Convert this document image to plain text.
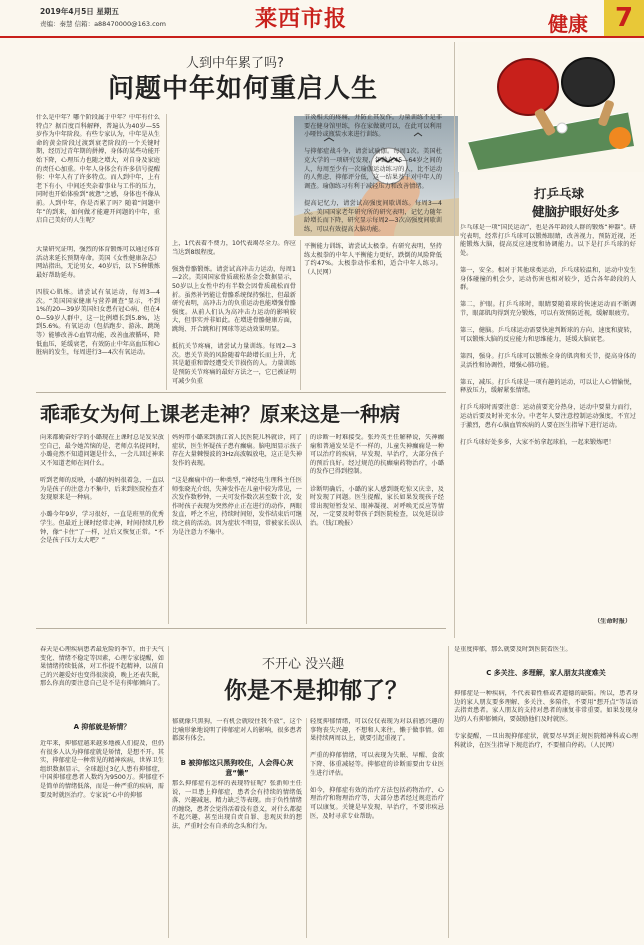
2019年4月5日 星期五
责编：秦慧 信箱：a88470000@163.com	莱西市报	健康	7
人到中年累了吗?
问题中年如何重启人生
什么是中年？哪个阶段属于中年？中年有什么特点？据百度百科解释，普遍认为40岁—55岁作为中年阶段。有些专家认为，中年是从生命的黄金阶段过渡到衰老阶段的一个关键时期，经历过青年期的拼搏，身体的某些功能开始下降，心理压力也随之增大，对自身及家庭的责任心加重。中年人身体会有许多信号提醒你：中年人有了许多特点。而人到中年，上有老下有小，中间还夹杂着事业与工作的压力，同时也开始体验到“疲惫”之感，身体也不像从前。人到中年，你是否累了吗？随着“问题中年”的到来，如何做才能避开问题的中年，重启自己美好的人生呢？
大量研究证明，强烈的体育锻炼可以通过体育活动来延长预期寿命。美国《女性健康杂志》网站指出，无论男女，40岁后，以下5种锻炼最好帮助延寿。

四肢心肌炼。请尝试有氧运动，每周3—4次。“美国国家健康与营养调查”显示，不到1%的20—39岁美国妇女患有冠心病，但在40—59岁人群中，这一比例增长到5.8%，达到5.6%。有氧运动（包括跑步、游泳、跳绳等）能够改善心血管功能，改善血液循环，降低血压，延缓衰老，有效防止中年高血压和心脏病的发生，每周进行3—4次有氧运动。
上，1代表着不费力，10代表竭尽全力。你应当达到8级程度。

强劲骨骼锻炼。请尝试高冲击力运动，每周1—2次。美国国家骨质疏松基金会数据显示，50岁以上女性中约有半数会因骨质疏松而骨折。虽然补钙能让骨骼系统保持强壮，但最新研究表明，高冲击力的负重运动也能增强骨骼强度。从前人们认为高冲击力运动的影响较大，但事实并非如此。在增进骨骼健康方面，跳绳、开合跳和打网球等运动效果明显。

抵抗关节疼痛，请尝试力量训练。每周2—3次。患关节炎的风险随着年龄增长而上升，尤其是超重和曾经遭受关节损伤的人。力量训练是预防关节疼痛的最好方法之一，它已被证明可减少负重
节炎相关的疼痛，并防止其发作。力量训练不是非要在健身馆里练，你在家做就可以，在此可以利用小哑铃或瓶装水来进行训练。

与抑郁症战斗争，请尝试瑜伽。每周1次。美国杜克大学的一项研究发现，年龄在45—64岁之间的人，每周至少有一次瑜伽运动练习的人，比不运动的人焦虑、抑郁评分低，这一结果基于对中年人的调查。瑜伽练习有利于减轻压力和改善情绪。

提高记忆力，请尝试高强度间歇训练。每周3—4次。美国国家老年研究所的研究表明，记忆力随年龄增长而下降，研究显示每周2—3次高强度间歇训练，可以有效提高大脑功能。

平衡能力训练，请尝试太极拳。有研究表明，坚持练太极拳的中年人平衡能力更好，跌倒的风险降低了约47%。太极拳动作柔和，适合中年人练习。（人民网）
乖乖女为何上课老走神？原来这是一种病
向来都勤奋好学的小璐现在上课时总是发呆放空自己，最令她苦恼的是，老师点名提问时，小璐竟然不知道问题是什么，一会儿回过神来又不知道老师在问什么。

听到老师的反映，小璐的妈妈很着急，一直以为是孩子的注意力不集中，后来到医院检查才发现原来是一种病。

小璐今年9岁，学习很好，一直是班里的优秀学生。但最近上课时经常走神，时间持续几秒钟，像“卡住”了一样，过后又恢复正常。“不会是孩子压力太大吧？”
妈妈带小璐来到浙江省人民医院儿科就诊，问了症状，医生怀疑孩子患有癫痫。脑电图显示孩子存在大量棘慢波的3Hz高波幅放电，这正是失神发作的表现。

“这是癫痫中的一种类型，”神经电生理科主任医师张晓光介绍，失神发作在儿童中较为常见，一次发作数秒钟，一天可发作数次甚至数十次，发作时孩子表现为突然停止正在进行的动作，两眼发直，呼之不应，持续时间短，发作结束后可继续之前的活动。因为症状不明显，常被家长误认为是注意力不集中。
的诊断一时难接受。张玲英主任解释说，失神癫痫和普通发呆是不一样的，儿童失神癫痫是一种可以治疗的疾病，早发现、早治疗，大部分孩子的预后良好。经过规范的抗癫痫药物治疗，小璐的发作已得到控制。

诊断明确后，小璐的家人感到既吃惊又庆幸，及时发现了问题。医生提醒，家长如果发现孩子经常出现短暂发呆、眼神凝视、对呼唤无反应等情况，一定要及时带孩子到医院检查，以免延误诊治。（钱江晚报）
打乒乓球
健脑护眼好处多
乒乓球是一项“国民运动”，也是各年龄段人群的锻炼“神器”。研究表明，经常打乒乓球可以锻炼眼睛，改善视力，预防近视，还能锻炼大脑，提高反应速度和协调能力。以下是打乒乓球的好处。

第一，安全。相对于其他球类运动，乒乓球较温和，运动中发生身体碰撞的机会少，运动伤害也相对较少，适合各年龄段的人群。

第二，护眼。打乒乓球时，眼睛要随着球的快速运动而不断调节，眼部肌肉得到充分锻炼，可以有效预防近视，缓解眼疲劳。

第三，健脑。乒乓球运动需要快速判断球的方向、速度和旋转，可以锻炼大脑的反应能力和思维能力，延缓大脑衰老。

第四，强身。打乒乓球可以锻炼全身的肌肉和关节，提高身体的灵活性和协调性，增强心肺功能。

第五，减压。打乒乓球是一项有趣的运动，可以让人心情愉悦，释放压力，缓解紧张情绪。

打乒乓球时需要注意：运动前要充分热身，运动中要量力而行，运动后要及时补充水分。中老年人要注意控制运动强度，不宜过于激烈，患有心脑血管疾病的人要在医生指导下进行运动。

打乒乓球好处多多，大家不妨拿起球拍，一起来锻炼吧！
（生命时报）
不开心 没兴趣
你是不是抑郁了？
春天是心理疾病患者最危险的季节，由于天气变化、情绪不稳定等因素，心理专家提醒，如果情绪持续低落，对工作提不起精神，以前自己的兴趣爱好也变得很淡漠，晚上还表失眠，那么你真的要注意自己是不是有抑郁倾向了。
A 抑郁就是矫情？
近年来，抑郁症越来越多地被人们提及，但仍有很多人认为抑郁症就是矫情，是想不开。其实，抑郁症是一种常见的精神疾病，世界卫生组织数据显示，全球超过3亿人患有抑郁症，中国抑郁症患者人数约为9500万。抑郁症不是简单的情绪低落，而是一种严重的疾病，需要及时就医治疗。专家说“心中的抑郁
郁就像只黑狗，一有机会就咬住我不放”，这个比喻形象地说明了抑郁症对人的影响，很多患者都深有体会。
B 被抑郁这只黑狗咬住，人会得心灰意“懒”
那么抑郁症有怎样的表现特征呢？张新帅主任说，一旦患上抑郁症，患者会有持续的情绪低落、兴趣减退、精力缺乏等表现。由于负性情绪的缠绕，患者会觉得活着没有意义，对什么都提不起兴趣，甚至出现自责自罪、悲观厌世的想法，严重时会有自杀的念头和行为。
轻度抑郁情绪，可以仅仅表现为对以前感兴趣的事物丧失兴趣，不想和人来往，懒于做事情。如果持续两周以上，就要引起重视了。

严重的抑郁情绪，可以表现为失眠、早醒、食欲下降、体重减轻等。抑郁症的诊断需要由专业医生进行评估。

如今，抑郁症有效的治疗方法包括药物治疗、心理治疗和物理治疗等，大部分患者经过规范治疗可以康复。关键是早发现、早治疗，不要讳疾忌医，及时寻求专业帮助。
是重度抑郁，那么就要及时到医院看医生。
C 多关注、多理解，家人朋友共度难关
抑郁症是一种疾病，不代表着性格或者道德的缺陷。所以，患者身边的家人朋友要多理解、多关注、多陪伴，不要用“想开点”等话语去指责患者。家人朋友的支持对患者的康复非常重要。如果发现身边的人有抑郁倾向，要鼓励他们及时就医。

专家提醒，一旦出现抑郁症状，就要尽早到正规医院精神科或心理科就诊，在医生指导下规范治疗，不要擅自停药。（人民网）
